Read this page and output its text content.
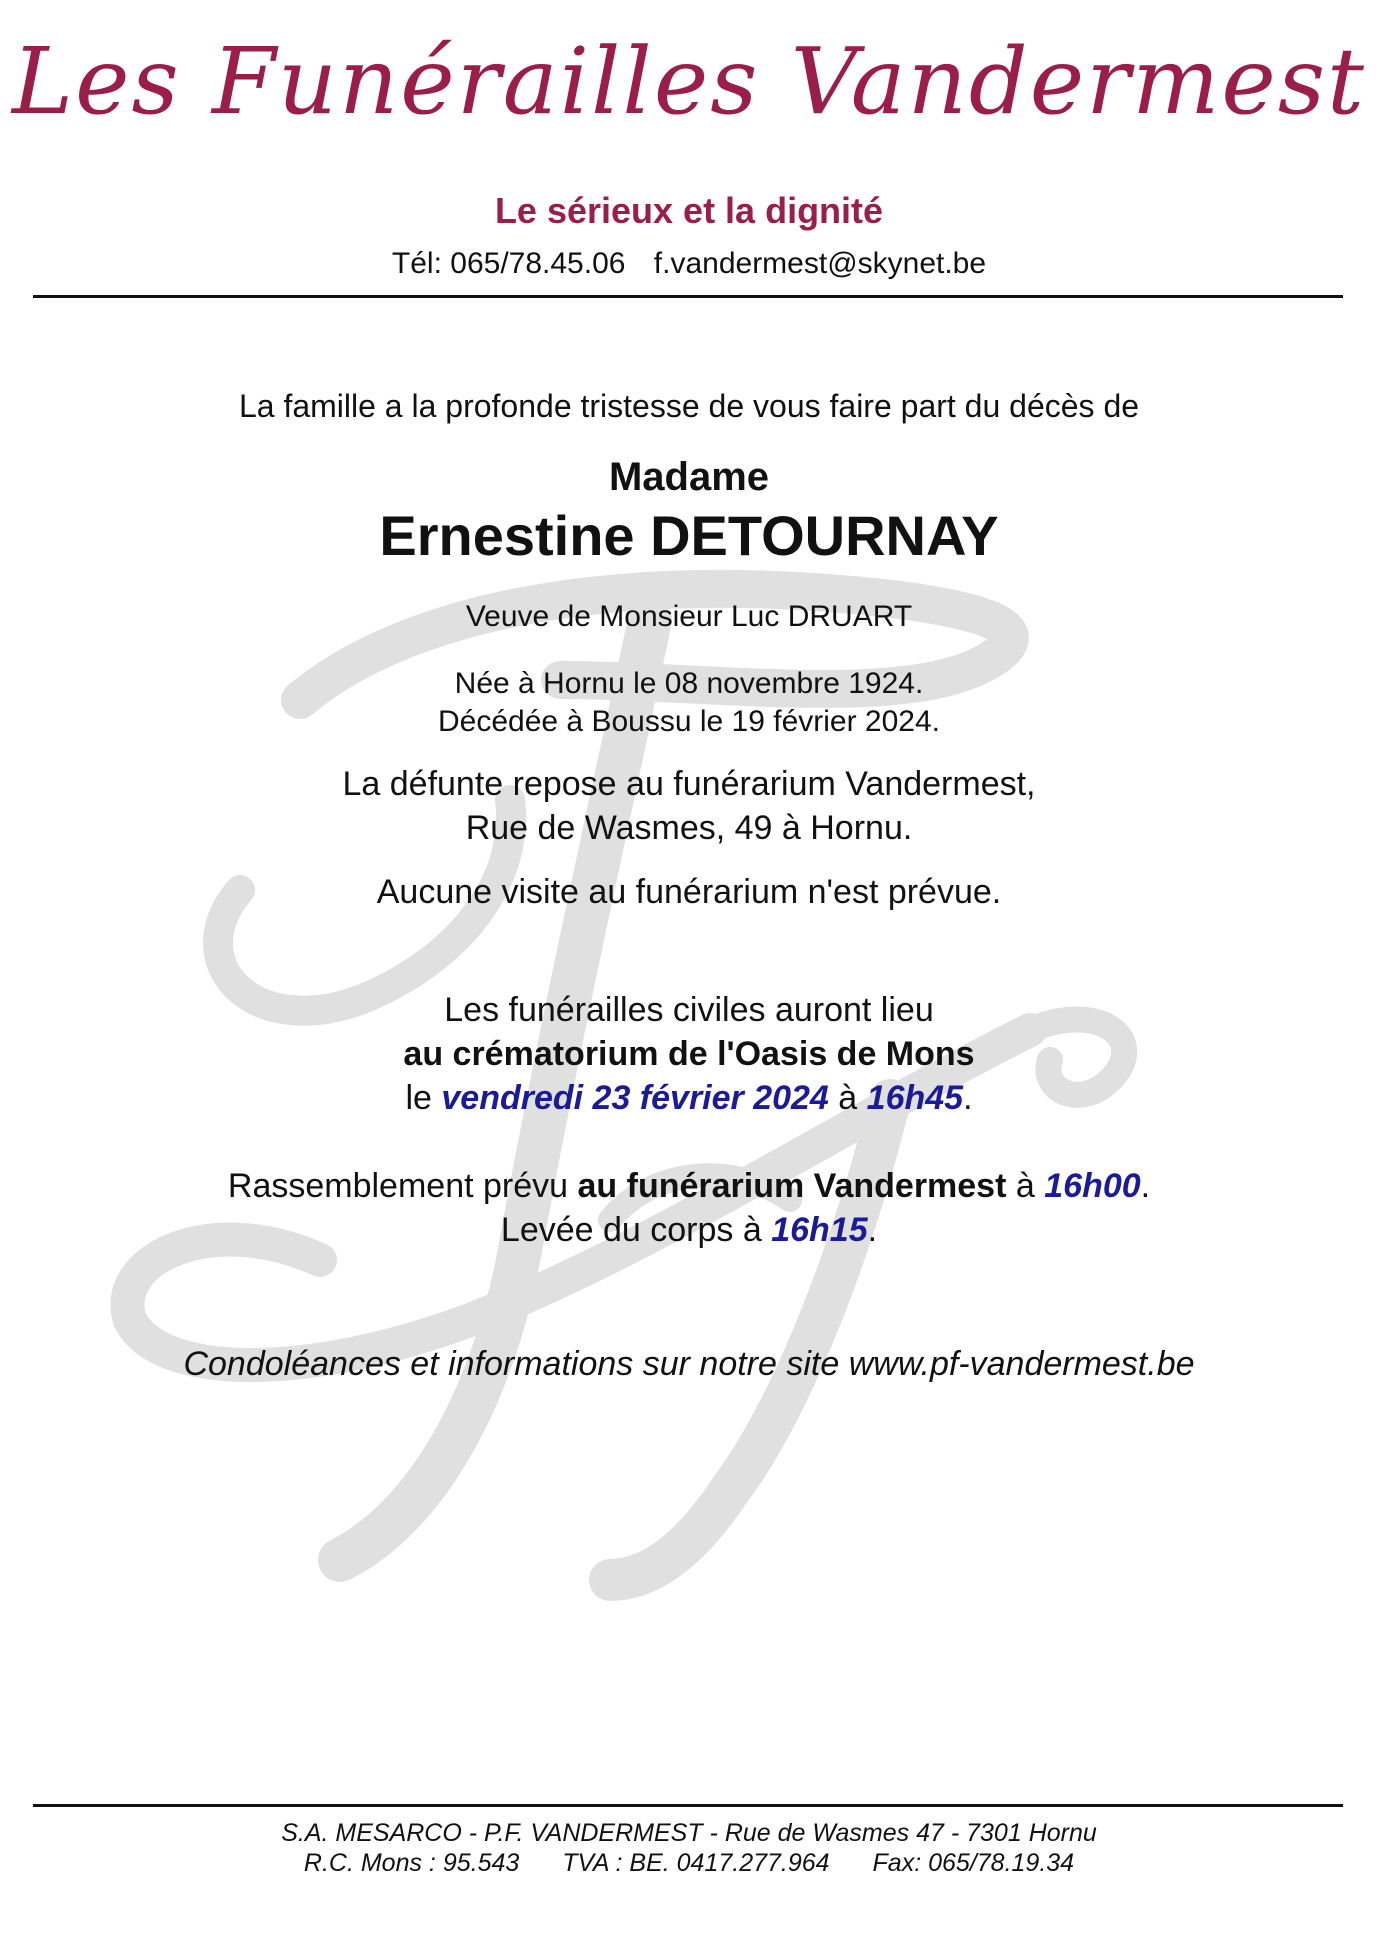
Les Funérailles Vandermest
Le sérieux et la dignité
Tél: 065/78.45.06 f.vandermest@skynet.be
La famille a la profonde tristesse de vous faire part du décès de
Madame
Ernestine DETOURNAY
Veuve de Monsieur Luc DRUART
Née à Hornu le 08 novembre 1924.
Décédée à Boussu le 19 février 2024.
La défunte repose au funérarium Vandermest,
Rue de Wasmes, 49 à Hornu.
Aucune visite au funérarium n'est prévue.
Les funérailles civiles auront lieu
au crématorium de l'Oasis de Mons
le vendredi 23 février 2024 à 16h45.
Rassemblement prévu au funérarium Vandermest à 16h00.
Levée du corps à 16h15.
Condoléances et informations sur notre site www.pf-vandermest.be
S.A. MESARCO - P.F. VANDERMEST - Rue de Wasmes 47 - 7301 Hornu
R.C. Mons : 95.543 TVA : BE. 0417.277.964 Fax: 065/78.19.34
